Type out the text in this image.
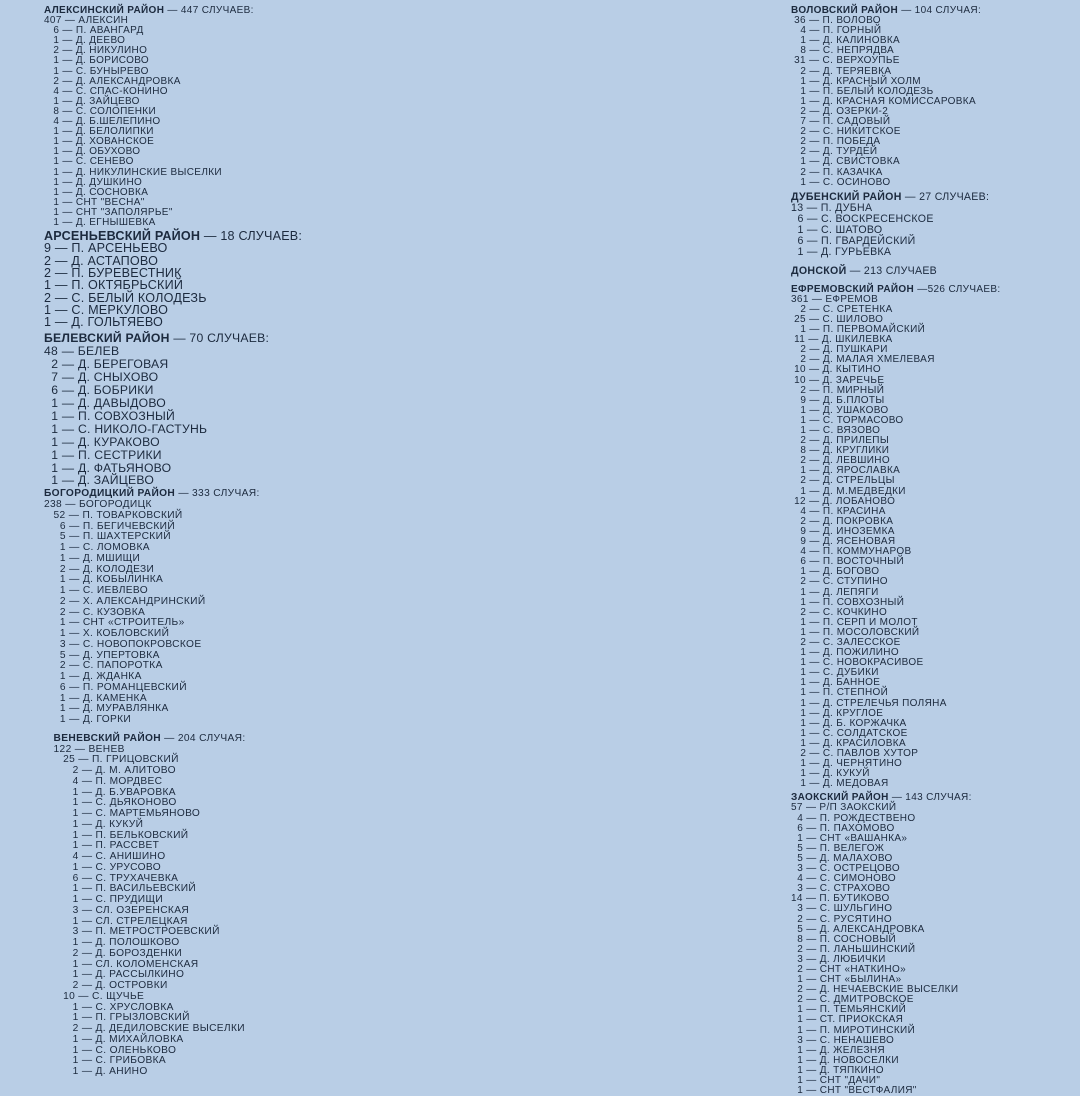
АЛЕКСИНСКИЙ РАЙОН — 447 СЛУЧАЕВ:
407 — АЛЕКСИН
6 — П. АВАНГАРД
1 — Д. ДЕЕВО
2 — Д. НИКУЛИНО
1 — Д. БОРИСОВО
1 — С. БУНЫРЕВО
2 — Д. АЛЕКСАНДРОВКА
4 — С. СПАС-КОНИНО
1 — Д. ЗАЙЦЕВО
8 — С. СОЛОПЕНКИ
4 — Д. Б.ШЕЛЕПИНО
1 — Д. БЕЛОЛИПКИ
1 — Д. ХОВАНСКОЕ
1 — Д. ОБУХОВО
1 — С. СЕНЕВО
1 — Д. НИКУЛИНСКИЕ ВЫСЕЛКИ
1 — Д. ДУШКИНО
1 — Д. СОСНОВКА
1 — СНТ "ВЕСНА"
1 — СНТ "ЗАПОЛЯРЬЕ"
1 — Д. ЕГНЫШЕВКА
АРСЕНЬЕВСКИЙ РАЙОН — 18 СЛУЧАЕВ:
9 — П. АРСЕНЬЕВО
2 — Д. АСТАПОВО
2 — П. БУРЕВЕСТНИК
1 — П. ОКТЯБРЬСКИЙ
2 — С. БЕЛЫЙ КОЛОДЕЗЬ
1 — С. МЕРКУЛОВО
1 — Д. ГОЛЬТЯЕВО
БЕЛЕВСКИЙ РАЙОН — 70 СЛУЧАЕВ:
48 — БЕЛЕВ
2 — Д. БЕРЕГОВАЯ
7 — Д. СНЫХОВО
6 — Д. БОБРИКИ
1 — Д. ДАВЫДОВО
1 — П. СОВХОЗНЫЙ
1 — С. НИКОЛО-ГАСТУНЬ
1 — Д. КУРАКОВО
1 — П. СЕСТРИКИ
1 — Д. ФАТЬЯНОВО
1 — Д. ЗАЙЦЕВО
БОГОРОДИЦКИЙ РАЙОН — 333 СЛУЧАЯ:
238 — БОГОРОДИЦК
52 — П. ТОВАРКОВСКИЙ
6 — П. БЕГИЧЕВСКИЙ
5 — П. ШАХТЕРСКИЙ
1 — С. ЛОМОВКА
1 — Д. МШИЩИ
2 — Д. КОЛОДЕЗИ
1 — Д. КОБЫЛИНКА
1 — С. ИЕВЛЕВО
2 — Х. АЛЕКСАНДРИНСКИЙ
2 — С. КУЗОВКА
1 — СНТ «СТРОИТЕЛЬ»
1 — Х. КОБЛОВСКИЙ
3 — С. НОВОПОКРОВСКОЕ
5 — Д. УПЕРТОВКА
2 — С. ПАПОРОТКА
1 — Д. ЖДАНКА
6 — П. РОМАНЦЕВСКИЙ
1 — Д. КАМЕНКА
1 — Д. МУРАВЛЯНКА
1 — Д. ГОРКИ
ВЕНЕВСКИЙ РАЙОН — 204 СЛУЧАЯ:
122 — ВЕНЕВ
25 — П. ГРИЦОВСКИЙ
2 — Д. М. АЛИТОВО
4 — П. МОРДВЕС
1 — Д. Б.УВАРОВКА
1 — С. ДЬЯКОНОВО
1 — С. МАРТЕМЬЯНОВО
1 — Д. КУКУЙ
1 — П. БЕЛЬКОВСКИЙ
1 — П. РАССВЕТ
4 — С. АНИШИНО
1 — С. УРУСОВО
6 — С. ТРУХАЧЕВКА
1 — П. ВАСИЛЬЕВСКИЙ
1 — С. ПРУДИЩИ
3 — СЛ. ОЗЕРЕНСКАЯ
1 — СЛ. СТРЕЛЕЦКАЯ
3 — П. МЕТРОСТРОЕВСКИЙ
1 — Д. ПОЛОШКОВО
2 — Д. БОРОЗДЕНКИ
1 — СЛ. КОЛОМЕНСКАЯ
1 — Д. РАССЫЛКИНО
2 — Д. ОСТРОВКИ
10 — С. ЩУЧЬЕ
1 — С. ХРУСЛОВКА
1 — П. ГРЫЗЛОВСКИЙ
2 — Д. ДЕДИЛОВСКИЕ ВЫСЕЛКИ
1 — Д. МИХАЙЛОВКА
1 — С. ОЛЕНЬКОВО
1 — С. ГРИБОВКА
1 — Д. АНИНО
ВОЛОВСКИЙ РАЙОН — 104 СЛУЧАЯ:
36 — П. ВОЛОВО
4 — П. ГОРНЫЙ
1 — Д. КАЛИНОВКА
8 — С. НЕПРЯДВА
31 — С. ВЕРХОУПЬЕ
2 — Д. ТЕРЯЕВКА
1 — Д. КРАСНЫЙ ХОЛМ
1 — П. БЕЛЫЙ КОЛОДЕЗЬ
1 — Д. КРАСНАЯ КОМИССАРОВКА
2 — Д. ОЗЕРКИ-2
7 — П. САДОВЫЙ
2 — С. НИКИТСКОЕ
2 — П. ПОБЕДА
2 — Д. ТУРДЕЙ
1 — Д. СВИСТОВКА
2 — П. КАЗАЧКА
1 — С. ОСИНОВО
ДУБЕНСКИЙ РАЙОН — 27 СЛУЧАЕВ:
13 — П. ДУБНА
6 — С. ВОСКРЕСЕНСКОЕ
1 — С. ШАТОВО
6 — П. ГВАРДЕЙСКИЙ
1 — Д. ГУРЬЕВКА
ДОНСКОЙ — 213 СЛУЧАЕВ
ЕФРЕМОВСКИЙ РАЙОН —526 СЛУЧАЕВ:
361 — ЕФРЕМОВ
2 — С. СРЕТЕНКА
25 — С. ШИЛОВО
1 — П. ПЕРВОМАЙСКИЙ
11 — Д. ШКИЛЕВКА
2 — Д. ПУШКАРИ
2 — Д. МАЛАЯ ХМЕЛЕВАЯ
10 — Д. КЫТИНО
10 — Д. ЗАРЕЧЬЕ
2 — П. МИРНЫЙ
9 — Д. Б.ПЛОТЫ
1 — Д. УШАКОВО
1 — С. ТОРМАСОВО
1 — С. ВЯЗОВО
2 — Д. ПРИЛЕПЫ
8 — Д. КРУГЛИКИ
2 — Д. ЛЕВШИНО
1 — Д. ЯРОСЛАВКА
2 — Д. СТРЕЛЬЦЫ
1 — Д. М.МЕДВЕДКИ
12 — Д. ЛОБАНОВО
4 — П. КРАСИНА
2 — Д. ПОКРОВКА
9 — Д. ИНОЗЕМКА
9 — Д. ЯСЕНОВАЯ
4 — П. КОММУНАРОВ
6 — П. ВОСТОЧНЫЙ
1 — Д. БОГОВО
2 — С. СТУПИНО
1 — Д. ЛЕПЯГИ
1 — П. СОВХОЗНЫЙ
2 — С. КОЧКИНО
1 — П. СЕРП И МОЛОТ
1 — П. МОСОЛОВСКИЙ
2 — С. ЗАЛЕССКОЕ
1 — Д. ПОЖИЛИНО
1 — С. НОВОКРАСИВОЕ
1 — С. ДУБИКИ
1 — Д. БАННОЕ
1 — П. СТЕПНОЙ
1 — Д. СТРЕЛЕЧЬЯ ПОЛЯНА
1 — Д. КРУГЛОЕ
1 — Д. Б. КОРЖАЧКА
1 — С. СОЛДАТСКОЕ
1 — Д. КРАСИЛОВКА
2 — С. ПАВЛОВ ХУТОР
1 — Д. ЧЕРНЯТИНО
1 — Д. КУКУЙ
1 — Д. МЕДОВАЯ
ЗАОКСКИЙ РАЙОН — 143 СЛУЧАЯ:
57 — Р/П ЗАОКСКИЙ
4 — П. РОЖДЕСТВЕНО
6 — П. ПАХОМОВО
1 — СНТ «ВАШАНКА»
5 — П. ВЕЛЕГОЖ
5 — Д. МАЛАХОВО
3 — С. ОСТРЕЦОВО
4 — С. СИМОНОВО
3 — С. СТРАХОВО
14 — П. БУТИКОВО
3 — С. ШУЛЬГИНО
2 — С. РУСЯТИНО
5 — Д. АЛЕКСАНДРОВКА
8 — П. СОСНОВЫЙ
2 — П. ЛАНЬШИНСКИЙ
3 — Д. ЛЮБИЧКИ
2 — СНТ «НАТКИНО»
1 — СНТ «БЫЛИНА»
2 — Д. НЕЧАЕВСКИЕ ВЫСЕЛКИ
2 — С. ДМИТРОВСКОЕ
1 — П. ТЕМЬЯНСКИЙ
1 — СТ. ПРИОКСКАЯ
1 — П. МИРОТИНСКИЙ
3 — С. НЕНАШЕВО
1 — Д. ЖЕЛЕЗНЯ
1 — Д. НОВОСЕЛКИ
1 — Д. ТЯПКИНО
1 — СНТ "ДАЧИ"
1 — СНТ "ВЕСТФАЛИЯ"
